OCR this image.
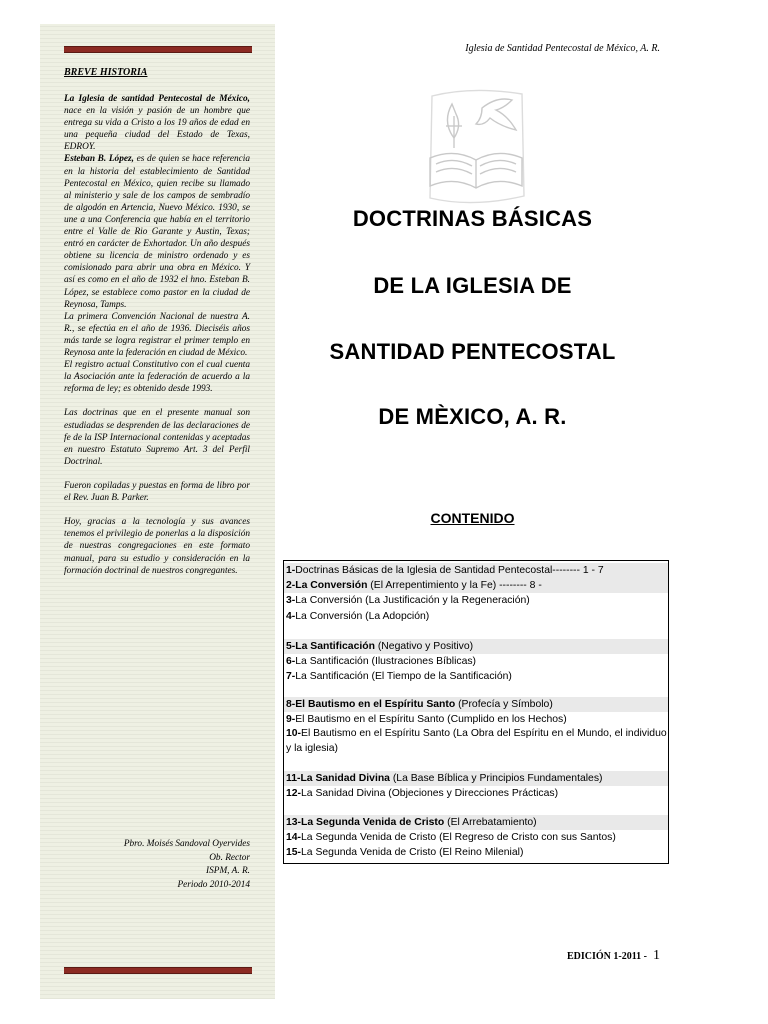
BREVE HISTORIA

La Iglesia de santidad Pentecostal de México, nace en la visión y pasión de un hombre que entrega su vida a Cristo a los 19 años de edad en una pequeña ciudad del Estado de Texas, EDROY.

Esteban B. López, es de quien se hace referencia en la historia del establecimiento de Santidad Pentecostal en México, quien recibe su llamado al ministerio y sale de los campos de sembradío de algodón en Artencia, Nuevo México. 1930, se une a una Conferencia que había en el territorio entre el Valle de Rio Garante y Austin, Texas; entró en carácter de Exhortador. Un año después obtiene su licencia de ministro ordenado y es comisionado para abrir una obra en México. Y así es como en el año de 1932 el hno. Esteban B. López, se establece como pastor en la ciudad de Reynosa, Tamps.

La primera Convención Nacional de nuestra A. R., se efectúa en el año de 1936. Dieciséis años más tarde se logra registrar el primer templo en Reynosa ante la federación en ciudad de México.

El registro actual Constitutivo con el cual cuenta la Asociación ante la federación de acuerdo a la reforma de ley; es obtenido desde 1993.

Las doctrinas que en el presente manual son estudiadas se desprenden de las declaraciones de fe de la ISP Internacional contenidas y aceptadas en nuestro Estatuto Supremo Art. 3 del Perfil Doctrinal.

Fueron copiladas y puestas en forma de libro por el Rev. Juan B. Parker.

Hoy, gracias a la tecnología y sus avances tenemos el privilegio de ponerlas a la disposición de nuestras congregaciones en este formato manual, para su estudio y consideración en la formación doctrinal de nuestros congregantes.

Pbro. Moisés Sandoval Oyervides
Ob. Rector
ISPM, A. R.
Periodo 2010-2014
Iglesia de Santidad Pentecostal de México, A. R.
DOCTRINAS BÁSICAS
DE LA IGLESIA DE
SANTIDAD PENTECOSTAL
DE MÈXICO, A. R.
CONTENIDO
1-Doctrinas Básicas de la Iglesia de Santidad Pentecostal-------- 1 - 7
2-La Conversión (El Arrepentimiento y la Fe) -------- 8 -
3-La Conversión (La Justificación y la Regeneración)
4-La Conversión (La Adopción)
5-La Santificación (Negativo y Positivo)
6-La Santificación (Ilustraciones Bíblicas)
7-La Santificación (El Tiempo de la Santificación)
8-El Bautismo en el Espíritu Santo (Profecía y Símbolo)
9-El Bautismo en el Espíritu Santo (Cumplido en los Hechos)
10-El Bautismo en el Espíritu Santo (La Obra del Espíritu en el Mundo, el individuo y la iglesia)
11-La Sanidad Divina (La Base Bíblica y Principios Fundamentales)
12-La Sanidad Divina (Objeciones y Direcciones Prácticas)
13-La Segunda Venida de Cristo (El Arrebatamiento)
14-La Segunda Venida de Cristo (El Regreso de Cristo con sus Santos)
15-La Segunda Venida de Cristo (El Reino Milenial)
EDICIÓN 1-2011 - 1
